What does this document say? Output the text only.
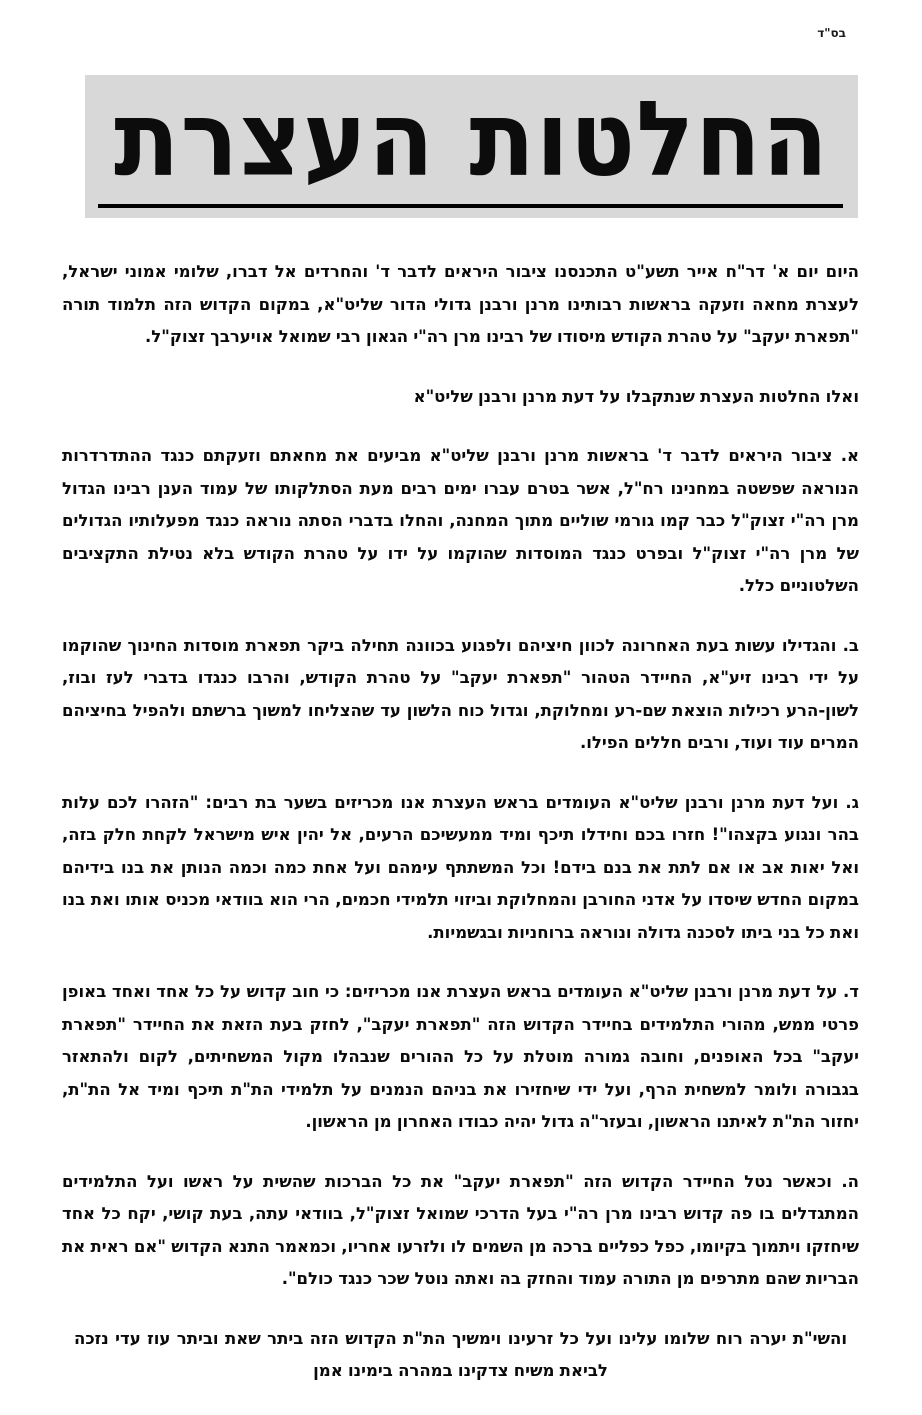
בס"ד
החלטות העצרת

היום יום א' דר"ח אייר תשע"ט התכנסנו ציבור היראים לדבר ד' והחרדים אל דברו, שלומי אמוני ישראל, לעצרת מחאה וזעקה בראשות רבותינו מרנן ורבנן גדולי הדור שליט"א, במקום הקדוש הזה תלמוד תורה "תפארת יעקב" על טהרת הקודש מיסודו של רבינו מרן רה"י הגאון רבי שמואל אויערבך זצוק"ל.

ואלו החלטות העצרת שנתקבלו על דעת מרנן ורבנן שליט"א

א. ציבור היראים לדבר ד' בראשות מרנן ורבנן שליט"א מביעים את מחאתם וזעקתם כנגד ההתדרדרות הנוראה שפשטה במחנינו רח"ל, אשר בטרם עברו ימים רבים מעת הסתלקותו של עמוד הענן רבינו הגדול מרן רה"י זצוק"ל כבר קמו גורמי שוליים מתוך המחנה, והחלו בדברי הסתה נוראה כנגד מפעלותיו הגדולים של מרן רה"י זצוק"ל ובפרט כנגד המוסדות שהוקמו על ידו על טהרת הקודש בלא נטילת התקציבים השלטוניים כלל.

ב. והגדילו עשות בעת האחרונה לכוון חיציהם ולפגוע בכוונה תחילה ביקר תפארת מוסדות החינוך שהוקמו על ידי רבינו זיע"א, החיידר הטהור "תפארת יעקב" על טהרת הקודש, והרבו כנגדו בדברי לעז ובוז, לשון-הרע רכילות הוצאת שם-רע ומחלוקת, וגדול כוח הלשון עד שהצליחו למשוך ברשתם ולהפיל בחיציהם המרים עוד ועוד, ורבים חללים הפילו.

ג. ועל דעת מרנן ורבנן שליט"א העומדים בראש העצרת אנו מכריזים בשער בת רבים: "הזהרו לכם עלות בהר ונגוע בקצהו"! חזרו בכם וחידלו תיכף ומיד ממעשיכם הרעים, אל יהין איש מישראל לקחת חלק בזה, ואל יאות אב או אם לתת את בנם בידם! וכל המשתתף עימהם ועל אחת כמה וכמה הנותן את בנו בידיהם במקום החדש שיסדו על אדני החורבן והמחלוקת וביזוי תלמידי חכמים, הרי הוא בוודאי מכניס אותו ואת בנו ואת כל בני ביתו לסכנה גדולה ונוראה ברוחניות ובגשמיות.

ד. על דעת מרנן ורבנן שליט"א העומדים בראש העצרת אנו מכריזים: כי חוב קדוש על כל אחד ואחד באופן פרטי ממש, מהורי התלמידים בחיידר הקדוש הזה "תפארת יעקב", לחזק בעת הזאת את החיידר "תפארת יעקב" בכל האופנים, וחובה גמורה מוטלת על כל ההורים שנבהלו מקול המשחיתים, לקום ולהתאזר בגבורה ולומר למשחית הרף, ועל ידי שיחזירו את בניהם הנמנים על תלמידי הת"ת תיכף ומיד אל הת"ת, יחזור הת"ת לאיתנו הראשון, ובעזר"ה גדול יהיה כבודו האחרון מן הראשון.

ה. וכאשר נטל החיידר הקדוש הזה "תפארת יעקב" את כל הברכות שהשית על ראשו ועל התלמידים המתגדלים בו פה קדוש רבינו מרן רה"י בעל הדרכי שמואל זצוק"ל, בוודאי עתה, בעת קושי, יקח כל אחד שיחזקו ויתמוך בקיומו, כפל כפליים ברכה מן השמים לו ולזרעו אחריו, וכמאמר התנא הקדוש "אם ראית את הבריות שהם מתרפים מן התורה עמוד והחזק בה ואתה נוטל שכר כנגד כולם".

והשי"ת יערה רוח שלומו עלינו ועל כל זרעינו וימשיך הת"ת הקדוש הזה ביתר שאת וביתר עוז עדי נזכה לביאת משיח צדקינו במהרה בימינו אמן
